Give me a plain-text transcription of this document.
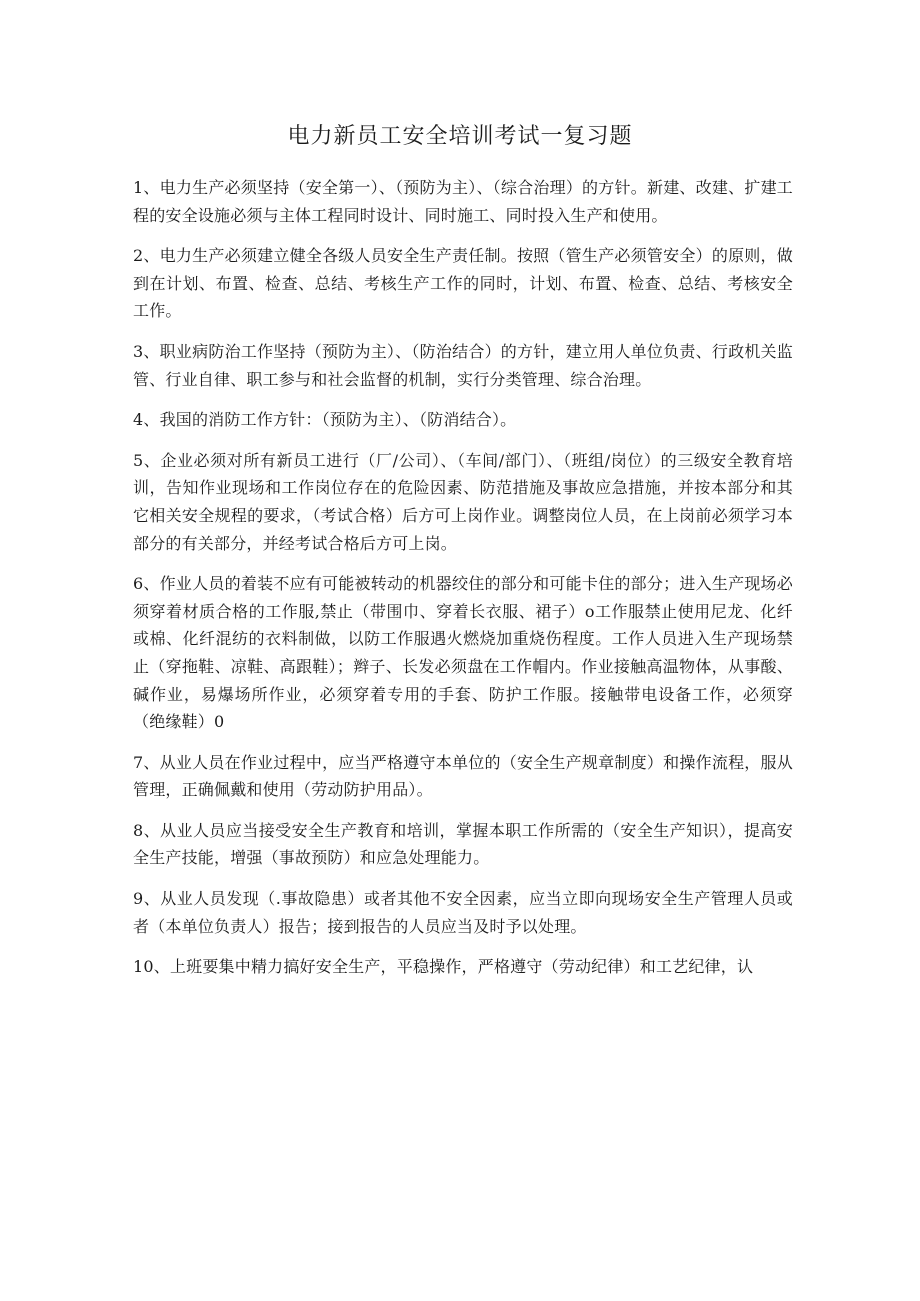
电力新员工安全培训考试一复习题

1、电力生产必须坚持（安全第一）、（预防为主）、（综合治理）的方针。新建、改建、扩建工程的安全设施必须与主体工程同时设计、同时施工、同时投入生产和使用。

2、电力生产必须建立健全各级人员安全生产责任制。按照（管生产必须管安全）的原则，做到在计划、布置、检查、总结、考核生产工作的同时，计划、布置、检查、总结、考核安全工作。

3、职业病防治工作坚持（预防为主）、（防治结合）的方针，建立用人单位负责、行政机关监管、行业自律、职工参与和社会监督的机制，实行分类管理、综合治理。

4、我国的消防工作方针：（预防为主）、（防消结合）。

5、企业必须对所有新员工进行（厂/公司）、（车间/部门）、（班组/岗位）的三级安全教育培训，告知作业现场和工作岗位存在的危险因素、防范措施及事故应急措施，并按本部分和其它相关安全规程的要求，（考试合格）后方可上岗作业。调整岗位人员，在上岗前必须学习本部分的有关部分，并经考试合格后方可上岗。

6、作业人员的着装不应有可能被转动的机器绞住的部分和可能卡住的部分；进入生产现场必须穿着材质合格的工作服,禁止（带围巾、穿着长衣服、裙子）o工作服禁止使用尼龙、化纤或棉、化纤混纺的衣料制做，以防工作服遇火燃烧加重烧伤程度。工作人员进入生产现场禁止（穿拖鞋、凉鞋、高跟鞋）；辫子、长发必须盘在工作帽内。作业接触高温物体，从事酸、碱作业，易爆场所作业，必须穿着专用的手套、防护工作服。接触带电设备工作，必须穿（绝缘鞋）0

7、从业人员在作业过程中，应当严格遵守本单位的（安全生产规章制度）和操作流程，服从管理，正确佩戴和使用（劳动防护用品）。

8、从业人员应当接受安全生产教育和培训，掌握本职工作所需的（安全生产知识），提高安全生产技能，增强（事故预防）和应急处理能力。

9、从业人员发现（.事故隐患）或者其他不安全因素，应当立即向现场安全生产管理人员或者（本单位负责人）报告；接到报告的人员应当及时予以处理。

10、上班要集中精力搞好安全生产，平稳操作，严格遵守（劳动纪律）和工艺纪律，认
